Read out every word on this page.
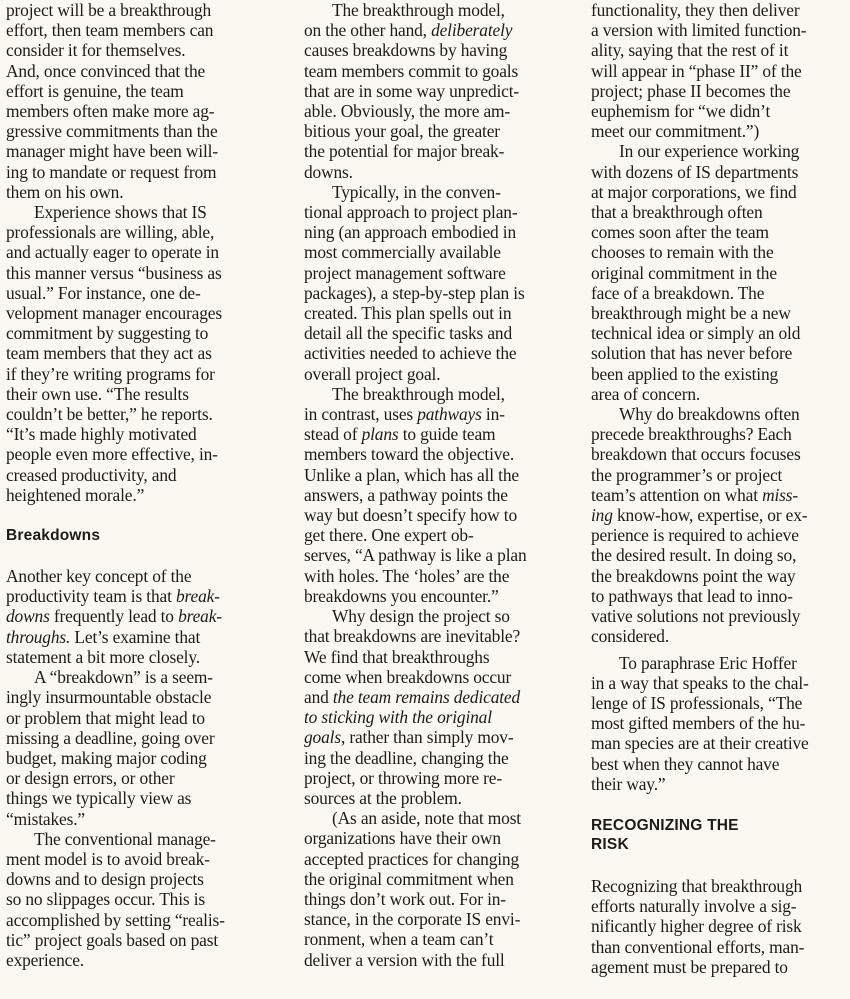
project will be a breakthrough
effort, then team members can
consider it for themselves.
And, once convinced that the
effort is genuine, the team
members often make more ag-
gressive commitments than the
manager might have been will-
ing to mandate or request from
them on his own.

Experience shows that IS
professionals are willing, able,
and actually eager to operate in
this manner versus “business as
usual.” For instance, one de-
velopment manager encourages
commitment by suggesting to
team members that they act as
if they’re writing programs for
their own use. “The results
couldn’t be better,” he reports.
“It’s made highly motivated
people even more effective, in-
creased productivity, and
heightened morale.”

Breakdowns

Another key concept of the
productivity team is that break-
downs frequently lead to break-
throughs. Let’s examine that
statement a bit more closely.

A “breakdown” is a seem-
ingly insurmountable obstacle
or problem that might lead to
missing a deadline, going over
budget, making major coding
or design errors, or other
things we typically view as
“mistakes.”

The conventional manage-
ment model is to avoid break-
downs and to design projects
so no slippages occur. This is
accomplished by setting “realis-
tic” project goals based on past
experience.

The breakthrough model,
on the other hand, deliberately
causes breakdowns by having
team members commit to goals
that are in some way unpredict-
able. Obviously, the more am-
bitious your goal, the greater
the potential for major break-
downs.

Typically, in the conven-
tional approach to project plan-
ning (an approach embodied in
most commercially available
project management software
packages), a step-by-step plan is
created. This plan spells out in
detail all the specific tasks and
activities needed to achieve the
overall project goal.

The breakthrough model,
in contrast, uses pathways in-
stead of plans to guide team
members toward the objective.
Unlike a plan, which has all the
answers, a pathway points the
way but doesn’t specify how to
get there. One expert ob-
serves, “A pathway is like a plan
with holes. The ‘holes’ are the
breakdowns you encounter.”

Why design the project so
that breakdowns are inevitable?
We find that breakthroughs
come when breakdowns occur
and the team remains dedicated
to sticking with the original
goals, rather than simply mov-
ing the deadline, changing the
project, or throwing more re-
sources at the problem.

(As an aside, note that most
organizations have their own
accepted practices for changing
the original commitment when
things don’t work out. For in-
stance, in the corporate IS envi-
ronment, when a team can’t
deliver a version with the full

functionality, they then deliver
a version with limited function-
ality, saying that the rest of it
will appear in “phase II” of the
project; phase II becomes the
euphemism for “we didn’t
meet our commitment.”)

In our experience working
with dozens of IS departments
at major corporations, we find
that a breakthrough often
comes soon after the team
chooses to remain with the
original commitment in the
face of a breakdown. The
breakthrough might be a new
technical idea or simply an old
solution that has never before
been applied to the existing
area of concern.

Why do breakdowns often
precede breakthroughs? Each
breakdown that occurs focuses
the programmer’s or project
team’s attention on what miss-
ing know-how, expertise, or ex-
perience is required to achieve
the desired result. In doing so,
the breakdowns point the way
to pathways that lead to inno-
vative solutions not previously
considered.

To paraphrase Eric Hoffer
in a way that speaks to the chal-
lenge of IS professionals, “The
most gifted members of the hu-
man species are at their creative
best when they cannot have
their way.”

RECOGNIZING THE
RISK

Recognizing that breakthrough
efforts naturally involve a sig-
nificantly higher degree of risk
than conventional efforts, man-
agement must be prepared to
